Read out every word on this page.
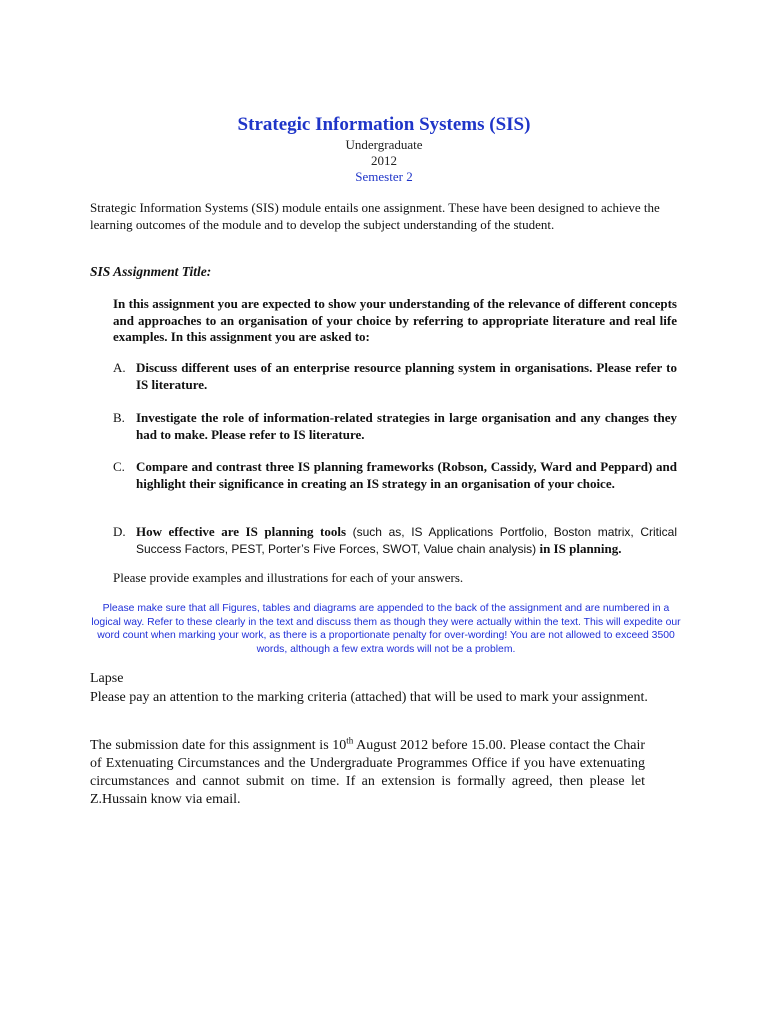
Strategic Information Systems (SIS)
Undergraduate
2012
Semester 2
Strategic Information Systems (SIS) module entails one assignment. These have been designed to achieve the learning outcomes of the module and to develop the subject understanding of the student.
SIS Assignment Title:
In this assignment you are expected to show your understanding of the relevance of different concepts and approaches to an organisation of your choice by referring to appropriate literature and real life examples. In this assignment you are asked to:
A. Discuss different uses of an enterprise resource planning system in organisations. Please refer to IS literature.
B. Investigate the role of information-related strategies in large organisation and any changes they had to make. Please refer to IS literature.
C. Compare and contrast three IS planning frameworks (Robson, Cassidy, Ward and Peppard) and highlight their significance in creating an IS strategy in an organisation of your choice.
D. How effective are IS planning tools (such as, IS Applications Portfolio, Boston matrix, Critical Success Factors, PEST, Porter’s Five Forces, SWOT, Value chain analysis) in IS planning.
Please provide examples and illustrations for each of your answers.
Please make sure that all Figures, tables and diagrams are appended to the back of the assignment and are numbered in a logical way. Refer to these clearly in the text and discuss them as though they were actually within the text. This will expedite our word count when marking your work, as there is a proportionate penalty for over-wording! You are not allowed to exceed 3500 words, although a few extra words will not be a problem.
Lapse
Please pay an attention to the marking criteria (attached) that will be used to mark your assignment.
The submission date for this assignment is 10th August 2012 before 15.00. Please contact the Chair of Extenuating Circumstances and the Undergraduate Programmes Office if you have extenuating circumstances and cannot submit on time. If an extension is formally agreed, then please let Z.Hussain know via email.
